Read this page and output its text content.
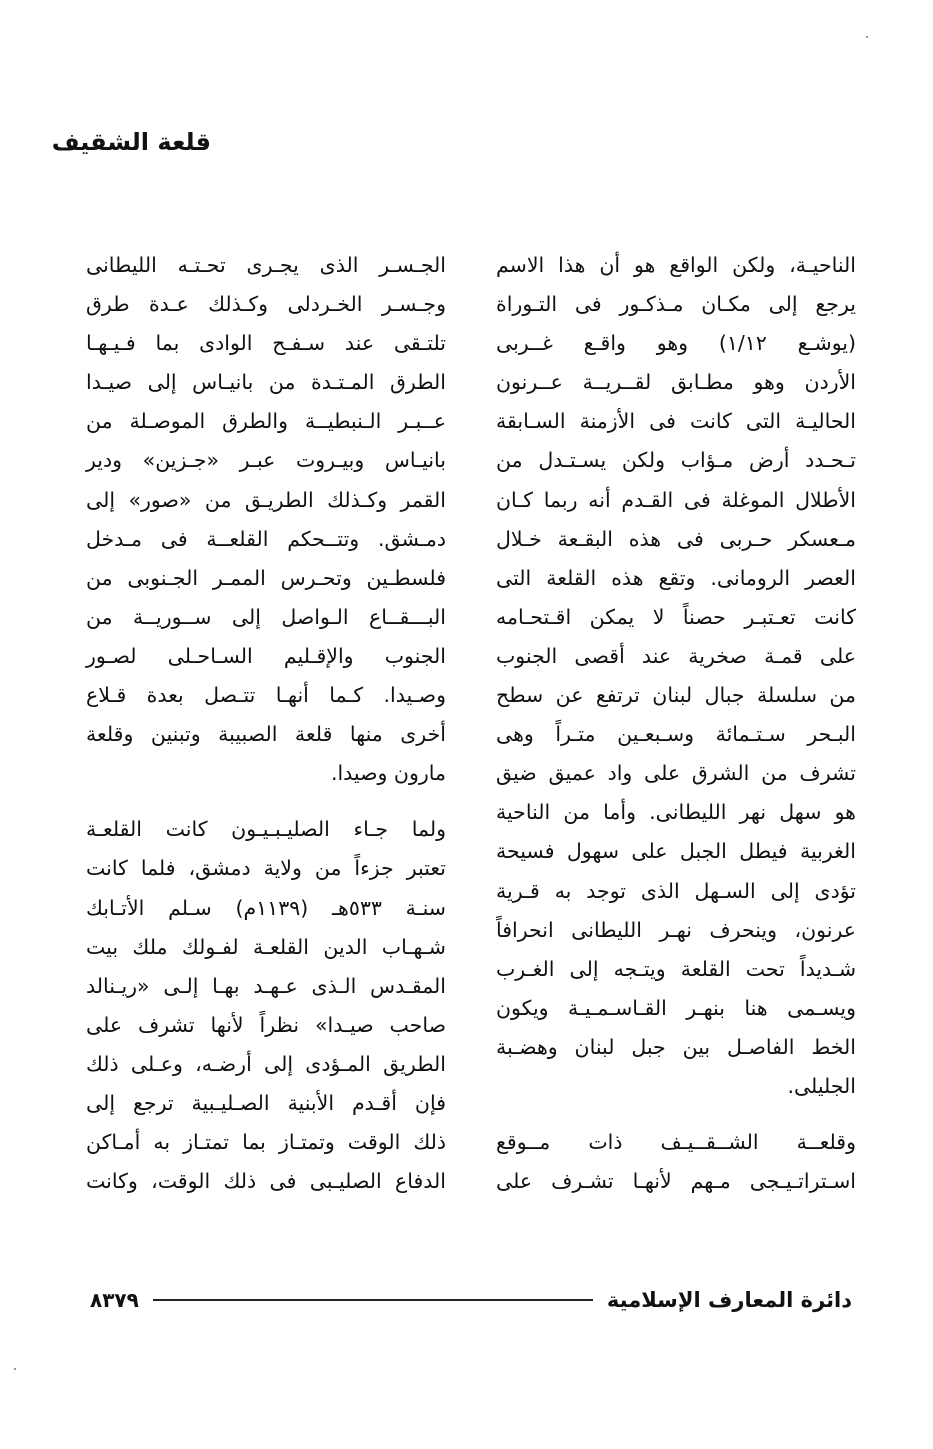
قلعة الشقيف

الناحيـة، ولكن الواقع هو أن هذا الاسم

يرجع إلى مكـان مـذكـور فى التـوراة

(يوشـع ١/١٢) وهو واقـع غــربى

الأردن وهو مطـابق لقــريــة عــرنون

الحاليـة التى كانت فى الأزمنة السـابقة

تـحـدد أرض مـؤاب ولكن يسـتـدل من

الأطلال الموغلة فى القـدم أنه ربما كـان

مـعسكر حـربى فى هذه البقـعة خـلال

العصر الرومانى. وتقع هذه القلعة التى

كانت تعـتبـر حصناً لا يمكن اقـتحـامه

على قمـة صخرية عند أقصى الجنوب

من سلسلة جبال لبنان ترتفع عن سطح

البـحر سـتـمائة وسـبعـين متـراً وهى

تشرف من الشرق على واد عميق ضيق

هو سهل نهر الليطانى. وأما من الناحية

الغربية فيطل الجبل على سهول فسيحة

تؤدى إلى السـهل الذى توجد به قـرية

عرنون، وينحرف نهـر الليطانى انحرافاً

شـديداً تحت القلعة ويتـجه إلى الغـرب

ويسـمى هنا بنهـر القـاسـمـيـة ويكون

الخط الفاصـل بين جبل لبنان وهضـبة

الجليلى.

وقلعــة الشــقــيـف ذات مــوقع

اسـتراتـيـجى مـهم لأنهـا تشـرف على

الجـسـر الذى يجـرى تحـتـه الليطانى

وجـسـر الخـردلى وكـذلك عـدة طرق

تلتـقى عند سـفـح الوادى بما فـيـهـا

الطرق المـتـدة من بانيـاس إلى صيـدا

عــبـر الـنبطيــة والطرق الموصـلة من

بانيـاس وبيـروت عبـر «جـزين» ودير

القمر وكـذلك الطريـق من «صور» إلى

دمـشق. وتتــحكم القلعــة فى مـدخل

فلسطـين وتحـرس الممـر الجـنوبى من

البـــقــاع الـواصل إلى ســوريــة من

الجنوب والإقـليم السـاحـلى لصـور

وصـيدا. كـما أنهـا تتـصل بعدة قـلاع

أخرى منها قلعة الصبيبة وتبنين وقلعة

مارون وصيدا.

ولما جـاء الصليـبـيـون كانت القلعـة

تعتبر جزءاً من ولاية دمشق، فلما كانت

سنـة ٥٣٣هـ (١١٣٩م) سـلم الأتـابك

شـهـاب الدين القلعـة لفـولك ملك بيت

المقـدس الـذى عـهـد بهـا إلـى «ريـنالد

صاحب صيـدا» نظراً لأنها تشرف على

الطريق المـؤدى إلى أرضـه، وعـلى ذلك

فإن أقـدم الأبنية الصـليـبية ترجع إلى

ذلك الوقت وتمتـاز بما تمتـاز به أمـاكن

الدفاع الصليـبى فى ذلك الوقت، وكانت

دائرة المعارف الإسلامية
٨٣٧٩
